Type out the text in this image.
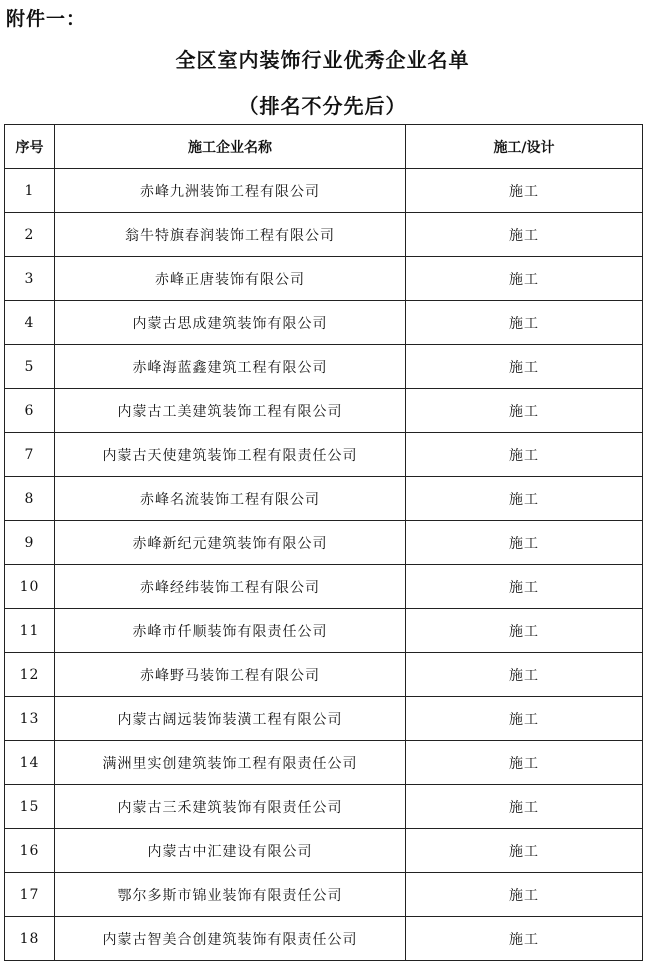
附件一：
全区室内装饰行业优秀企业名单
（排名不分先后）
序号	施工企业名称	施工/设计
1	赤峰九洲装饰工程有限公司	施工
2	翁牛特旗春润装饰工程有限公司	施工
3	赤峰正唐装饰有限公司	施工
4	内蒙古思成建筑装饰有限公司	施工
5	赤峰海蓝鑫建筑工程有限公司	施工
6	内蒙古工美建筑装饰工程有限公司	施工
7	内蒙古天使建筑装饰工程有限责任公司	施工
8	赤峰名流装饰工程有限公司	施工
9	赤峰新纪元建筑装饰有限公司	施工
10	赤峰经纬装饰工程有限公司	施工
11	赤峰市仟顺装饰有限责任公司	施工
12	赤峰野马装饰工程有限公司	施工
13	内蒙古阔远装饰装潢工程有限公司	施工
14	满洲里实创建筑装饰工程有限责任公司	施工
15	内蒙古三禾建筑装饰有限责任公司	施工
16	内蒙古中汇建设有限公司	施工
17	鄂尔多斯市锦业装饰有限责任公司	施工
18	内蒙古智美合创建筑装饰有限责任公司	施工
